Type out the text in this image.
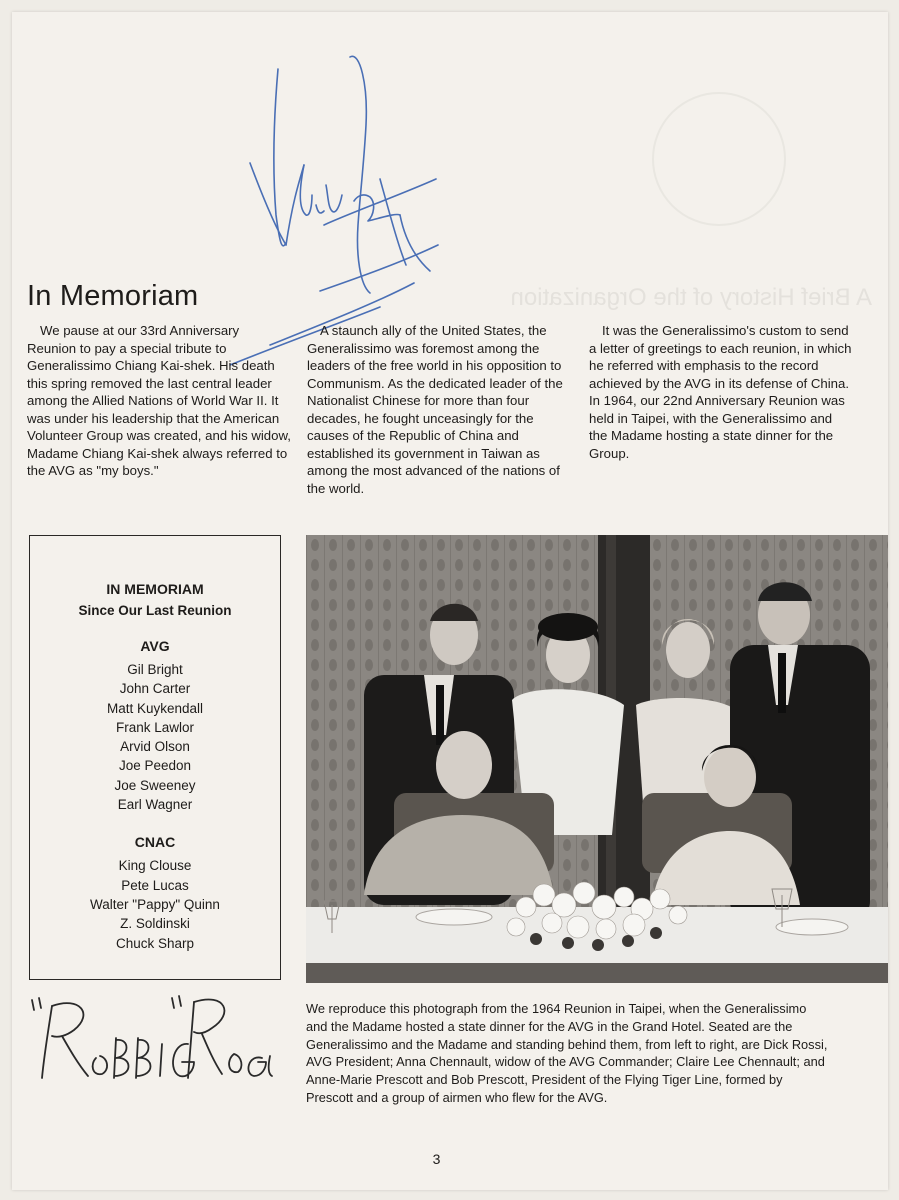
A Brief History of the Organization
In Memoriam

We pause at our 33rd Anniversary Reunion to pay a special tribute to Generalissimo Chiang Kai-shek. His death this spring removed the last central leader among the Allied Nations of World War II. It was under his leadership that the American Volunteer Group was created, and his widow, Madame Chiang Kai-shek always referred to the AVG as "my boys."

A staunch ally of the United States, the Generalissimo was foremost among the leaders of the free world in his opposition to Communism. As the dedicated leader of the Nationalist Chinese for more than four decades, he fought unceasingly for the causes of the Republic of China and established its government in Taiwan as among the most advanced of the nations of the world.

It was the Generalissimo's custom to send a letter of greetings to each reunion, in which he referred with emphasis to the record achieved by the AVG in its defense of China. In 1964, our 22nd Anniversary Reunion was held in Taipei, with the Generalissimo and the Madame hosting a state dinner for the Group.

IN MEMORIAM
Since Our Last Reunion
AVG
Gil Bright
John Carter
Matt Kuykendall
Frank Lawlor
Arvid Olson
Joe Peedon
Joe Sweeney
Earl Wagner
CNAC
King Clouse
Pete Lucas
Walter "Pappy" Quinn
Z. Soldinski
Chuck Sharp

We reproduce this photograph from the 1964 Reunion in Taipei, when the Generalissimo and the Madame hosted a state dinner for the AVG in the Grand Hotel. Seated are the Generalissimo and the Madame and standing behind them, from left to right, are Dick Rossi, AVG President; Anna Chennault, widow of the AVG Commander; Claire Lee Chennault; and Anne-Marie Prescott and Bob Prescott, President of the Flying Tiger Line, formed by Prescott and a group of airmen who flew for the AVG.

3
